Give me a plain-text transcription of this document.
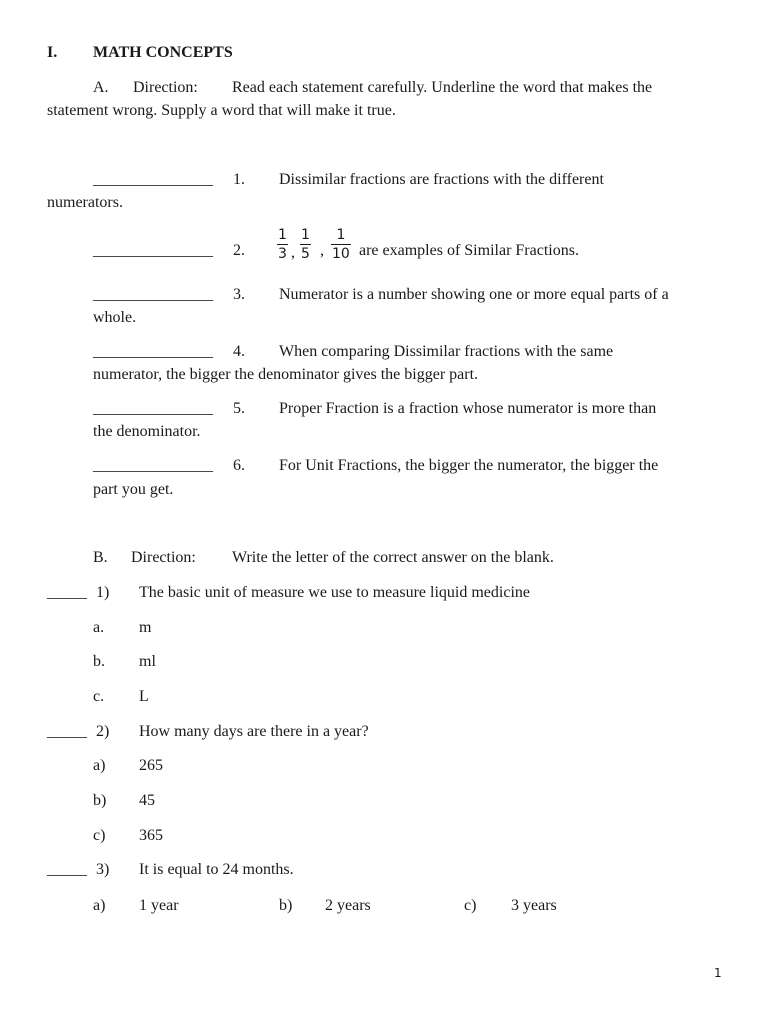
I. MATH CONCEPTS
A. Direction: Read each statement carefully. Underline the word that makes the
statement wrong. Supply a word that will make it true.
_______________ 1. Dissimilar fractions are fractions with the different
numerators.
_______________ 2.
1
3 ,
1
5 ,
1
10 are examples of Similar Fractions.
_______________ 3. Numerator is a number showing one or more equal parts of a
whole.
_______________ 4. When comparing Dissimilar fractions with the same
numerator, the bigger the denominator gives the bigger part.
_______________ 5. Proper Fraction is a fraction whose numerator is more than
the denominator.
_______________ 6. For Unit Fractions, the bigger the numerator, the bigger the
part you get.
B. Direction: Write the letter of the correct answer on the blank.
_____ 1) The basic unit of measure we use to measure liquid medicine
a. m
b. ml
c. L
_____ 2) How many days are there in a year?
a) 265
b) 45
c) 365
_____ 3) It is equal to 24 months.
a) 1 year	b) 2 years	c) 3 years
1
